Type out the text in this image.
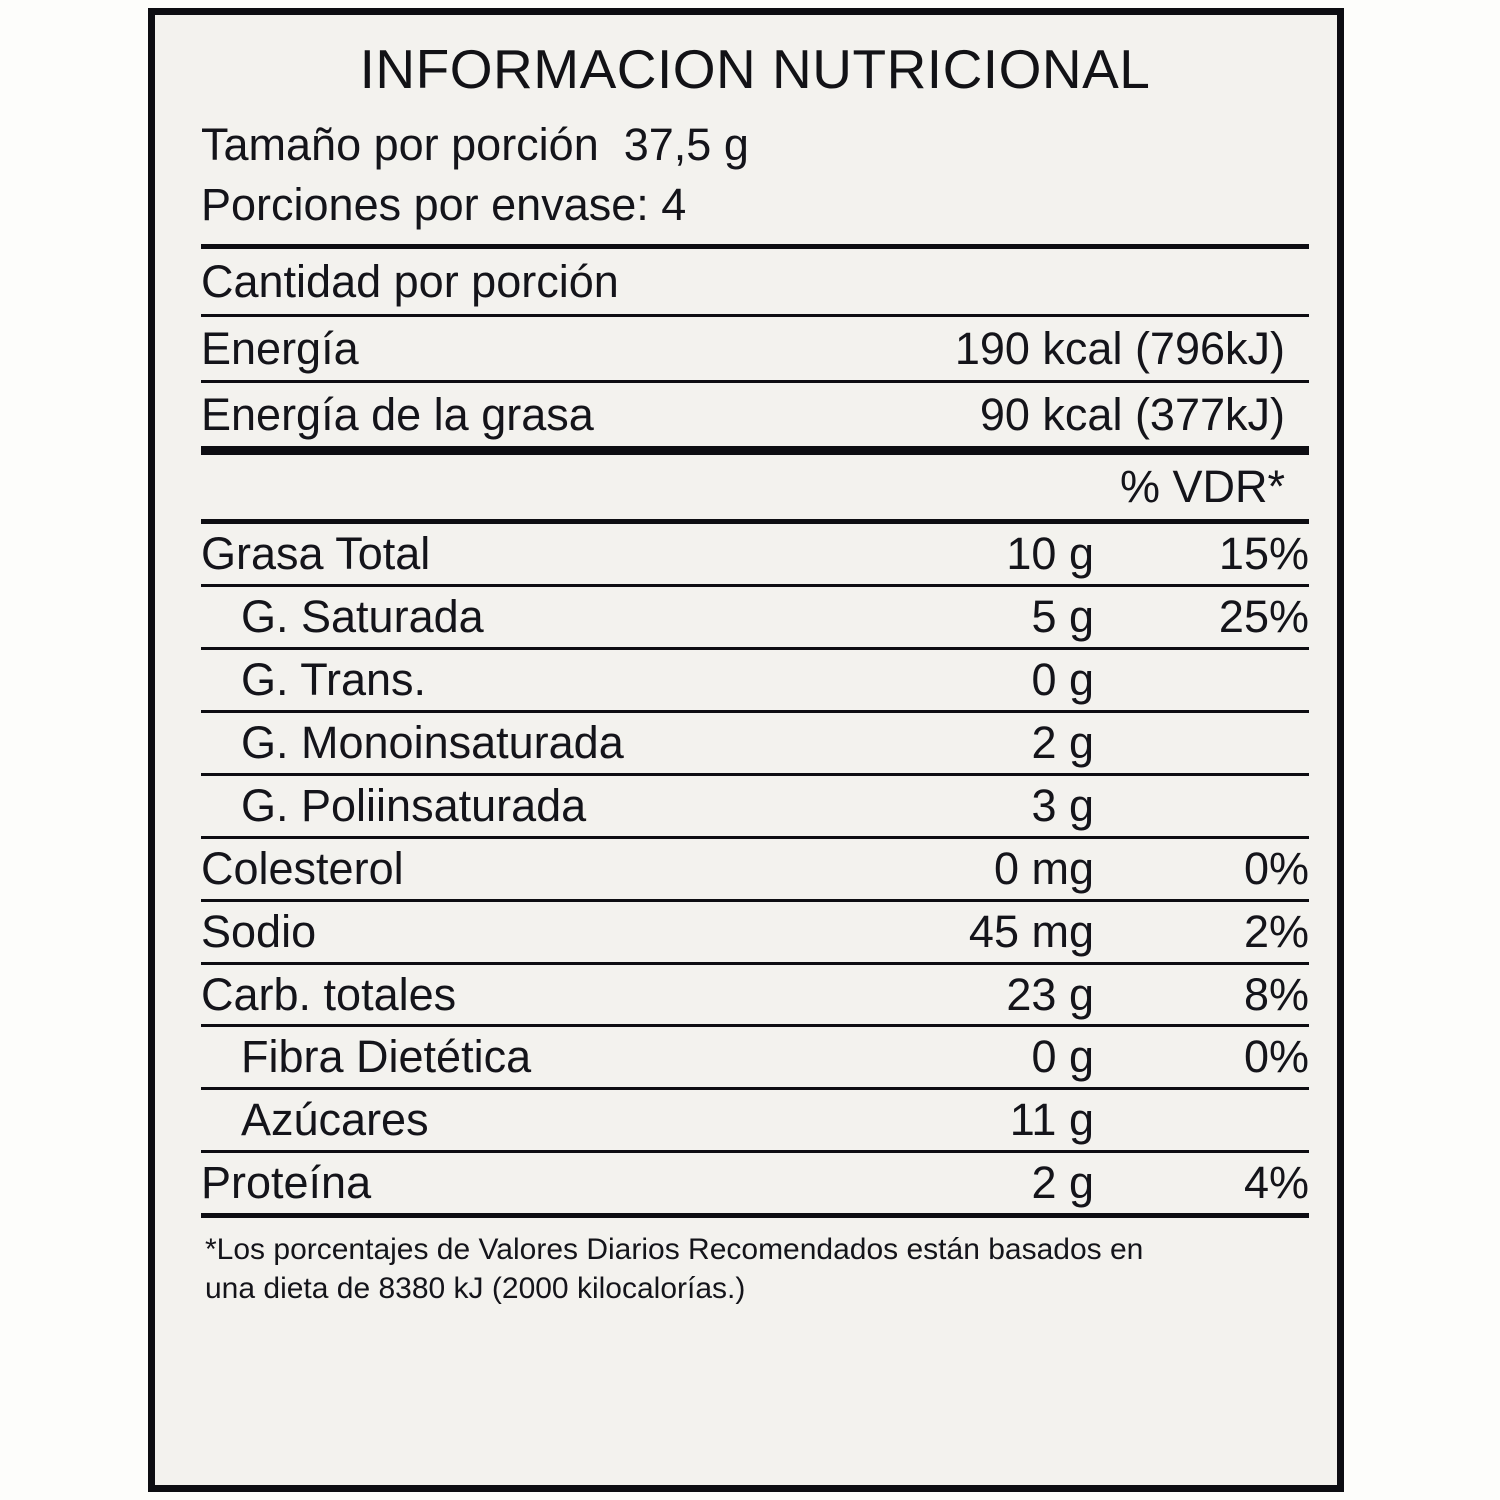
INFORMACION NUTRICIONAL
Tamaño por porción  37,5 g
Porciones por envase: 4
Cantidad por porción
Energía	190 kcal (796kJ)
Energía de la grasa	90 kcal (377kJ)
% VDR*
Grasa Total	10 g	15%
G. Saturada	5 g	25%
G. Trans.	0 g	
G. Monoinsaturada	2 g	
G. Poliinsaturada	3 g	
Colesterol	0 mg	0%
Sodio	45 mg	2%
Carb. totales	23 g	8%
Fibra Dietética	0 g	0%
Azúcares	11 g	
Proteína	2 g	4%
*Los porcentajes de Valores Diarios Recomendados están basados en
una dieta de 8380 kJ (2000 kilocalorías.)
